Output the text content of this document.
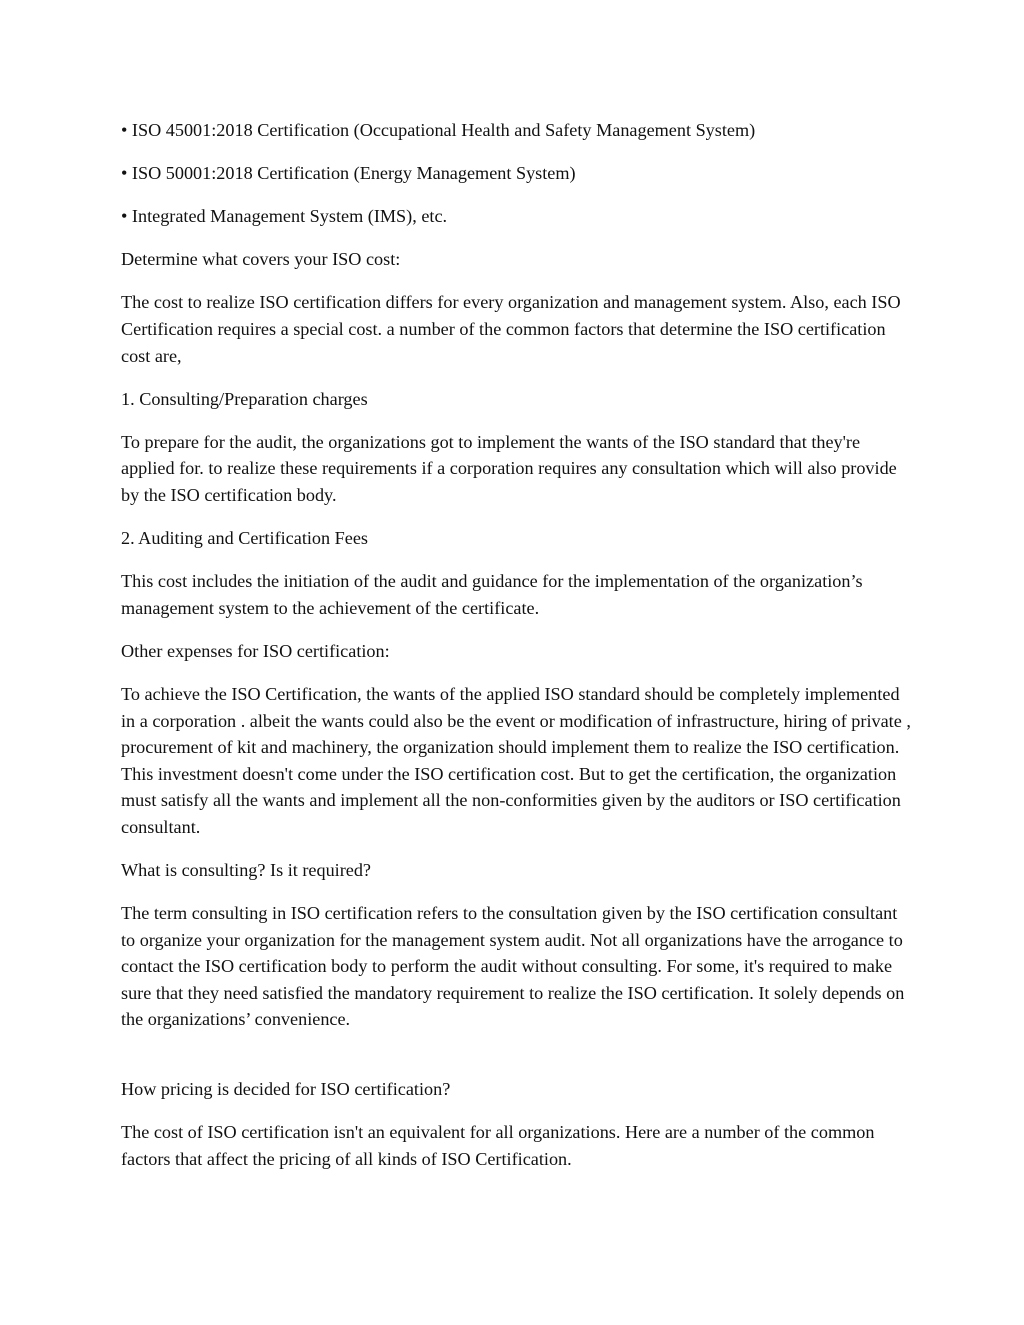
• ISO 45001:2018 Certification (Occupational Health and Safety Management System)

• ISO 50001:2018 Certification (Energy Management System)

• Integrated Management System (IMS), etc.

Determine what covers your ISO cost:

The cost to realize ISO certification differs for every organization and management system. Also, each ISO Certification requires a special cost. a number of the common factors that determine the ISO certification cost are,

1. Consulting/Preparation charges

To prepare for the audit, the organizations got to implement the wants of the ISO standard that they're applied for. to realize these requirements if a corporation requires any consultation which will also provide by the ISO certification body.

2. Auditing and Certification Fees

This cost includes the initiation of the audit and guidance for the implementation of the organization’s management system to the achievement of the certificate.

Other expenses for ISO certification:

To achieve the ISO Certification, the wants of the applied ISO standard should be completely implemented in a corporation . albeit the wants could also be the event or modification of infrastructure, hiring of private , procurement of kit and machinery, the organization should implement them to realize the ISO certification. This investment doesn't come under the ISO certification cost. But to get the certification, the organization must satisfy all the wants and implement all the non-conformities given by the auditors or ISO certification consultant.

What is consulting? Is it required?

The term consulting in ISO certification refers to the consultation given by the ISO certification consultant to organize your organization for the management system audit. Not all organizations have the arrogance to contact the ISO certification body to perform the audit without consulting. For some, it's required to make sure that they need satisfied the mandatory requirement to realize the ISO certification. It solely depends on the organizations’ convenience.

How pricing is decided for ISO certification?

The cost of ISO certification isn't an equivalent for all organizations. Here are a number of the common factors that affect the pricing of all kinds of ISO Certification.
